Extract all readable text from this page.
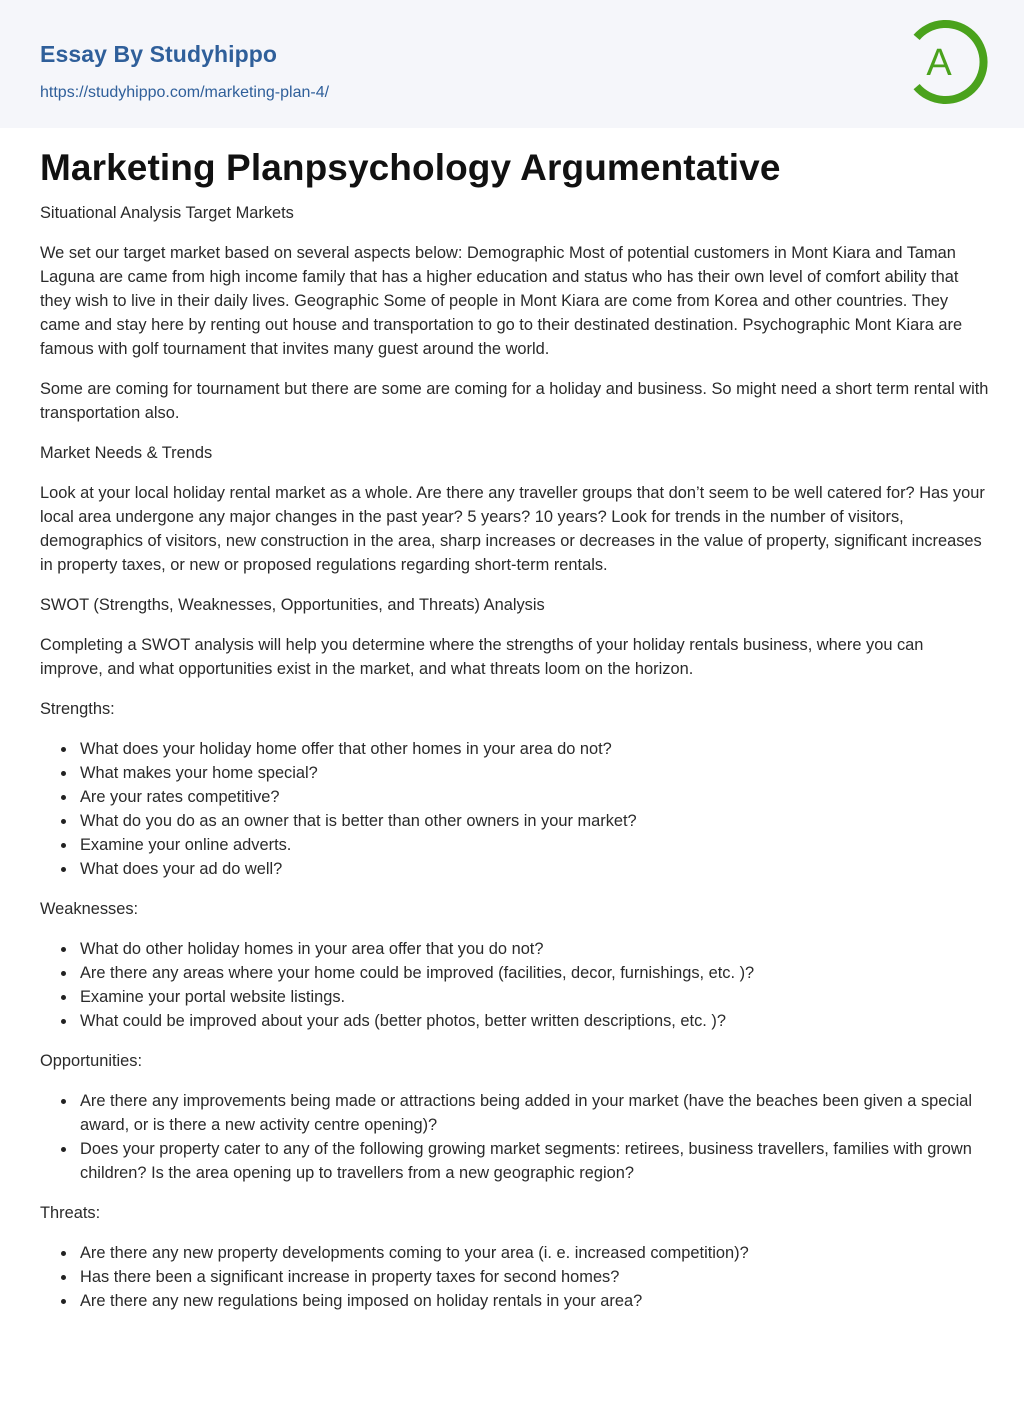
Essay By Studyhippo
https://studyhippo.com/marketing-plan-4/
A
Marketing Planpsychology Argumentative

Situational Analysis Target Markets

We set our target market based on several aspects below: Demographic Most of potential customers in Mont Kiara and Taman Laguna are came from high income family that has a higher education and status who has their own level of comfort ability that they wish to live in their daily lives. Geographic Some of people in Mont Kiara are come from Korea and other countries. They came and stay here by renting out house and transportation to go to their destinated destination. Psychographic Mont Kiara are famous with golf tournament that invites many guest around the world.

Some are coming for tournament but there are some are coming for a holiday and business. So might need a short term rental with transportation also.

Market Needs & Trends

Look at your local holiday rental market as a whole. Are there any traveller groups that don’t seem to be well catered for? Has your local area undergone any major changes in the past year? 5 years? 10 years? Look for trends in the number of visitors, demographics of visitors, new construction in the area, sharp increases or decreases in the value of property, significant increases in property taxes, or new or proposed regulations regarding short-term rentals.

SWOT (Strengths, Weaknesses, Opportunities, and Threats) Analysis

Completing a SWOT analysis will help you determine where the strengths of your holiday rentals business, where you can improve, and what opportunities exist in the market, and what threats loom on the horizon.

Strengths:

What does your holiday home offer that other homes in your area do not?
What makes your home special?
Are your rates competitive?
What do you do as an owner that is better than other owners in your market?
Examine your online adverts.
What does your ad do well?

Weaknesses:

What do other holiday homes in your area offer that you do not?
Are there any areas where your home could be improved (facilities, decor, furnishings, etc. )?
Examine your portal website listings.
What could be improved about your ads (better photos, better written descriptions, etc. )?

Opportunities:

Are there any improvements being made or attractions being added in your market (have the beaches been given a special award, or is there a new activity centre opening)?
Does your property cater to any of the following growing market segments: retirees, business travellers, families with grown children? Is the area opening up to travellers from a new geographic region?

Threats:

Are there any new property developments coming to your area (i. e. increased competition)?
Has there been a significant increase in property taxes for second homes?
Are there any new regulations being imposed on holiday rentals in your area?
